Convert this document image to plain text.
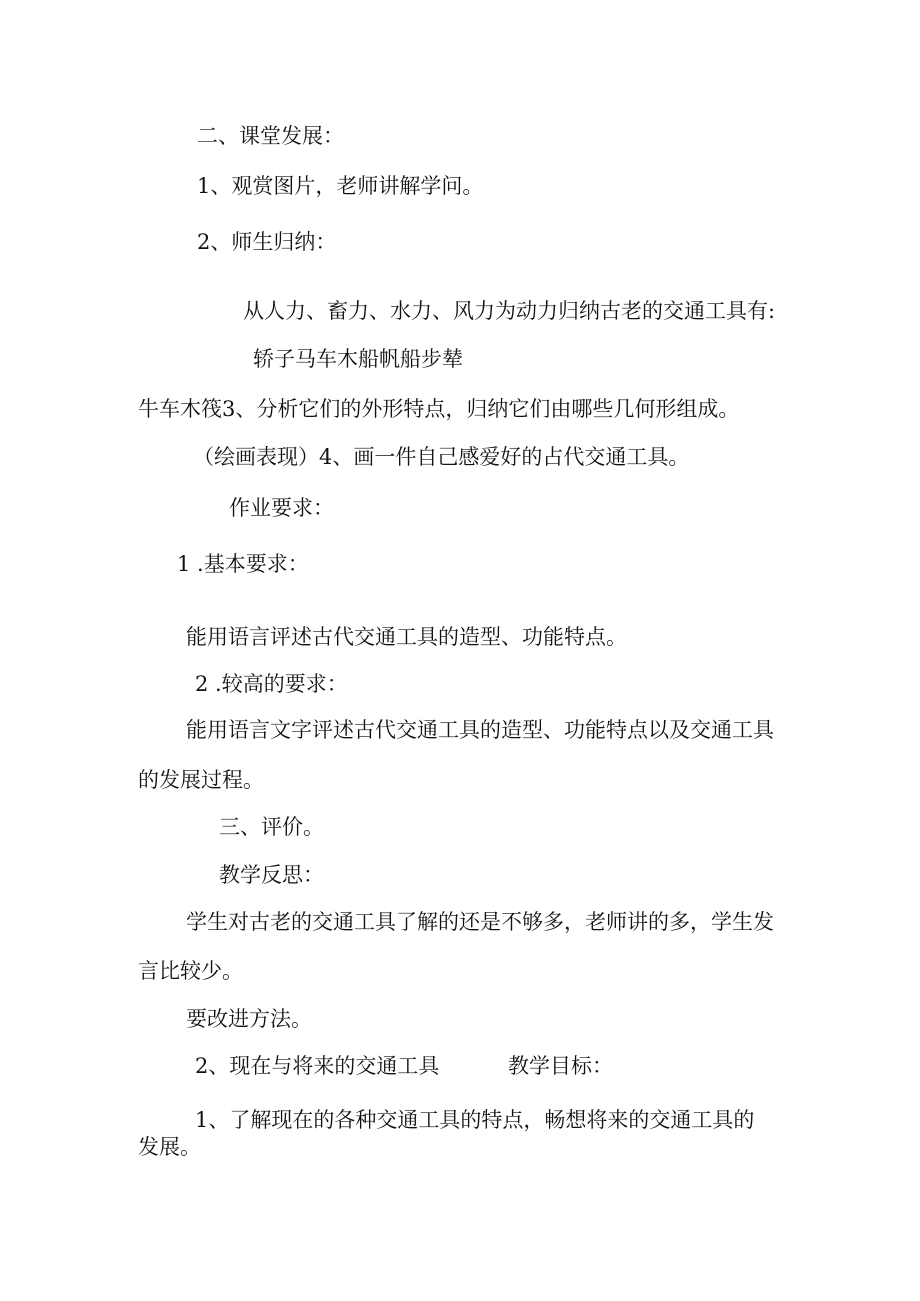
二、课堂发展：

1、观赏图片，老师讲解学问。

2、师生归纳：

从人力、畜力、水力、风力为动力归纳古老的交通工具有:

轿子马车木船帆船步辇

牛车木筏3、分析它们的外形特点，归纳它们由哪些几何形组成。

（绘画表现）4、画一件自己感爱好的占代交通工具。

作业要求：

1 .基本要求：

能用语言评述古代交通工具的造型、功能特点。

2 .较高的要求：

能用语言文字评述古代交通工具的造型、功能特点以及交通工具

的发展过程。

三、评价。

教学反思：

学生对古老的交通工具了解的还是不够多，老师讲的多，学生发

言比较少。

要改进方法。

2、现在与将来的交通工具	教学目标：

1、了解现在的各种交通工具的特点，畅想将来的交通工具的

发展。
